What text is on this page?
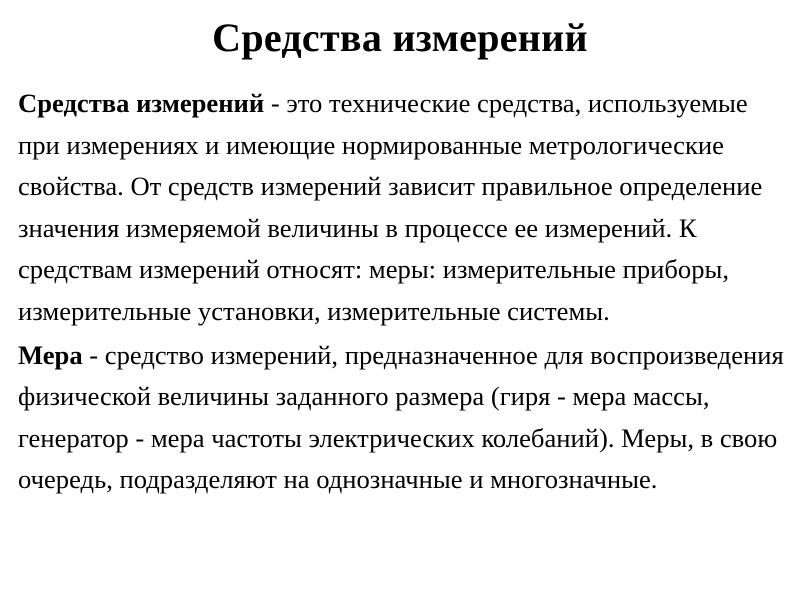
Средства измерений

Средства измерений - это технические средства, используемые при измерениях и имеющие нормированные метрологические свойства. От средств измерений зависит правильное определение значения измеряемой величины в процессе ее измерений. К средствам измерений относят: меры: измерительные приборы, измерительные установки, измерительные системы.

Мера - средство измерений, предназначенное для воспроизведения физической величины заданного размера (гиря - мера массы, генератор - мера частоты электрических колебаний). Меры, в свою очередь, подразделяют на однозначные и многозначные.
